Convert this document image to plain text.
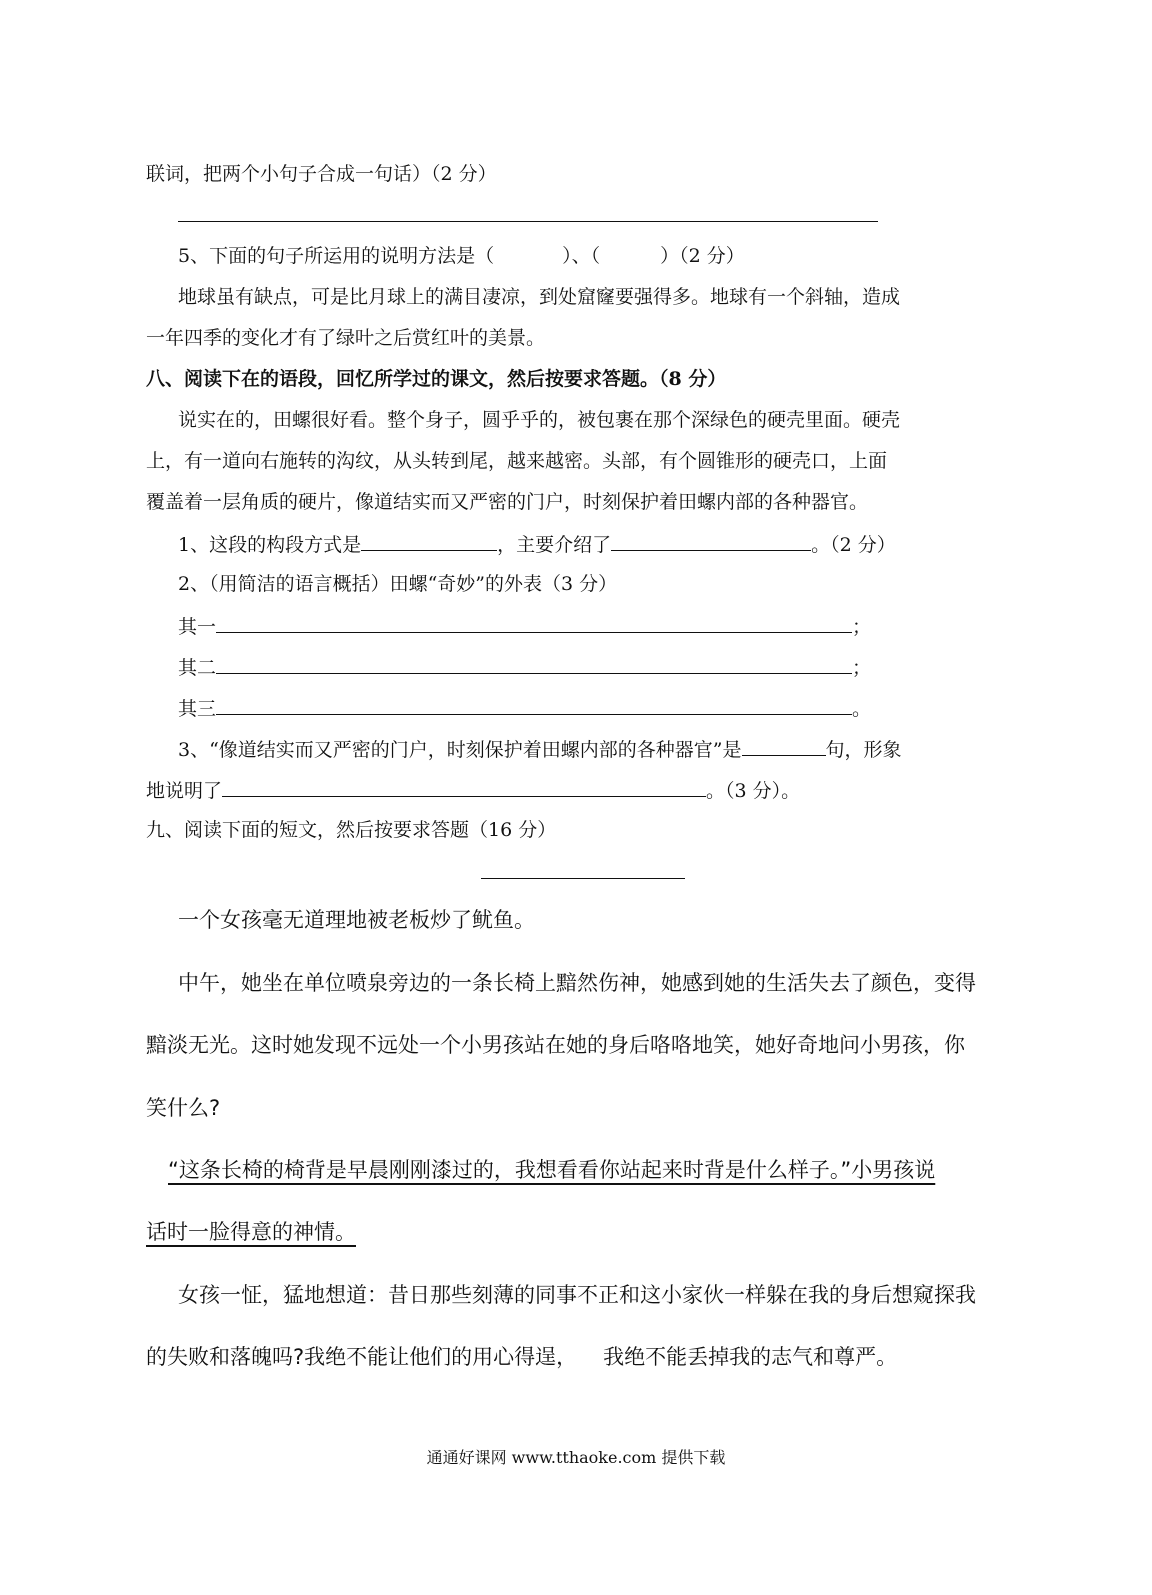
联词，把两个小句子合成一句话）（2 分）
5、下面的句子所运用的说明方法是（	）、（	）（2 分）
地球虽有缺点，可是比月球上的满目凄凉，到处窟窿要强得多。地球有一个斜轴，造成
一年四季的变化才有了绿叶之后赏红叶的美景。
八、阅读下在的语段，回忆所学过的课文，然后按要求答题。（8 分）
说实在的，田螺很好看。整个身子，圆乎乎的，被包裹在那个深绿色的硬壳里面。硬壳
上，有一道向右施转的沟纹，从头转到尾，越来越密。头部，有个圆锥形的硬壳口，上面
覆盖着一层角质的硬片，像道结实而又严密的门户，时刻保护着田螺内部的各种器官。
1、这段的构段方式是	，主要介绍了	。（2 分）
2、（用简洁的语言概括）田螺“奇妙”的外表（3 分）
其一	；
其二	；
其三	。
3、“像道结实而又严密的门户，时刻保护着田螺内部的各种器官”是	句，形象
地说明了	。（3 分）。
九、阅读下面的短文，然后按要求答题（16 分）
一个女孩毫无道理地被老板炒了鱿鱼。
中午，她坐在单位喷泉旁边的一条长椅上黯然伤神，她感到她的生活失去了颜色，变得
黯淡无光。这时她发现不远处一个小男孩站在她的身后咯咯地笑，她好奇地问小男孩，你
笑什么?
“这条长椅的椅背是早晨刚刚漆过的，我想看看你站起来时背是什么样子。”小男孩说
话时一脸得意的神情。
女孩一怔，猛地想道：昔日那些刻薄的同事不正和这小家伙一样躲在我的身后想窥探我
的失败和落魄吗?我绝不能让他们的用心得逞， 我绝不能丢掉我的志气和尊严。
通通好课网 www.tthaoke.com 提供下载
